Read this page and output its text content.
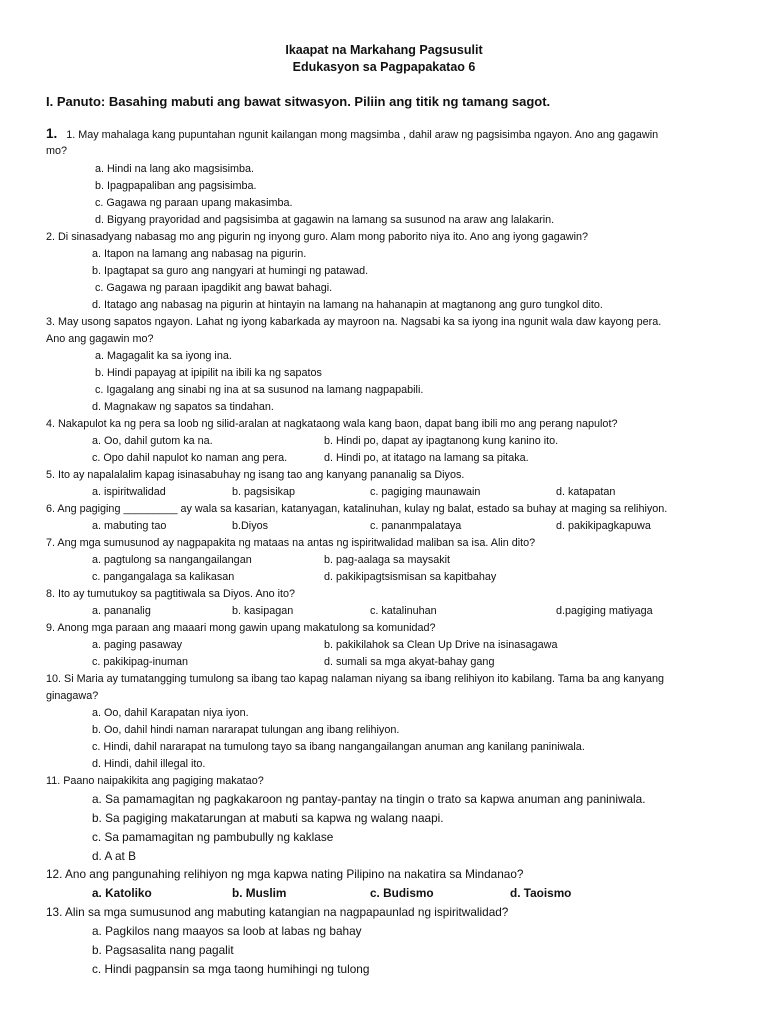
Ikaapat na Markahang Pagsusulit
Edukasyon sa Pagpapakatao 6
I. Panuto: Basahing mabuti ang bawat sitwasyon. Piliin ang titik ng tamang sagot.
1. 1. May mahalaga kang pupuntahan ngunit kailangan mong magsimba , dahil araw ng pagsisimba ngayon. Ano ang gagawin
mo?
a. Hindi na lang ako magsisimba.
b. Ipagpapaliban ang pagsisimba.
c. Gagawa ng paraan upang makasimba.
d. Bigyang prayoridad and pagsisimba at gagawin na lamang sa susunod na araw ang lalakarin.
2. Di sinasadyang nabasag mo ang pigurin ng inyong guro. Alam mong paborito niya ito. Ano ang iyong gagawin?
a. Itapon na lamang ang nabasag na pigurin.
b. Ipagtapat sa guro ang nangyari at humingi ng patawad.
c. Gagawa ng paraan ipagdikit ang bawat bahagi.
d. Itatago ang nabasag na pigurin at hintayin na lamang na hahanapin at magtanong ang guro tungkol dito.
3. May usong sapatos ngayon. Lahat ng iyong kabarkada ay mayroon na. Nagsabi ka sa iyong ina ngunit wala daw kayong pera.
Ano ang gagawin mo?
a. Magagalit ka sa iyong ina.
b. Hindi papayag at ipipilit na ibili ka ng sapatos
c. Igagalang ang sinabi ng ina at sa susunod na lamang nagpapabili.
d. Magnakaw ng sapatos sa tindahan.
4. Nakapulot ka ng pera sa loob ng silid-aralan at nagkataong wala kang baon, dapat bang ibili mo ang perang napulot?
a. Oo, dahil gutom ka na.	b. Hindi po, dapat ay ipagtanong kung kanino ito.
c. Opo dahil napulot ko naman ang pera.	d. Hindi po, at itatago na lamang sa pitaka.
5. Ito ay napalalalim kapag isinasabuhay ng isang tao ang kanyang pananalig sa Diyos.
a. ispiritwalidad	b. pagsisikap	c. pagiging maunawain	d. katapatan
6. Ang pagiging _________ ay wala sa kasarian, katanyagan, katalinuhan, kulay ng balat, estado sa buhay at maging sa relihiyon.
a. mabuting tao	b.Diyos	c. pananmpalataya	d. pakikipagkapuwa
7. Ang mga sumusunod ay nagpapakita ng mataas na antas ng ispiritwalidad maliban sa isa. Alin dito?
a. pagtulong sa nangangailangan	b. pag-aalaga sa maysakit
c. pangangalaga sa kalikasan	d. pakikipagtsismisan sa kapitbahay
8. Ito ay tumutukoy sa pagtitiwala sa Diyos. Ano ito?
a. pananalig	b. kasipagan	c. katalinuhan	d.pagiging matiyaga
9. Anong mga paraan ang maaari mong gawin upang makatulong sa komunidad?
a. paging pasaway	b. pakikilahok sa Clean Up Drive na isinasagawa
c. pakikipag-inuman	d. sumali sa mga akyat-bahay gang
10. Si Maria ay tumatangging tumulong sa ibang tao kapag nalaman niyang sa ibang relihiyon ito kabilang. Tama ba ang kanyang
ginagawa?
a. Oo, dahil Karapatan niya iyon.
b. Oo, dahil hindi naman nararapat tulungan ang ibang relihiyon.
c. Hindi, dahil nararapat na tumulong tayo sa ibang nangangailangan anuman ang kanilang paniniwala.
d. Hindi, dahil illegal ito.
11. Paano naipakikita ang pagiging makatao?
a. Sa pamamagitan ng pagkakaroon ng pantay-pantay na tingin o trato sa kapwa anuman ang paniniwala.
b. Sa pagiging makatarungan at mabuti sa kapwa ng walang naapi.
c. Sa pamamagitan ng pambubully ng kaklase
d. A at B
12. Ano ang pangunahing relihiyon ng mga kapwa nating Pilipino na nakatira sa Mindanao?
a. Katoliko	b. Muslim	c. Budismo	d. Taoismo
13. Alin sa mga sumusunod ang mabuting katangian na nagpapaunlad ng ispiritwalidad?
a. Pagkilos nang maayos sa loob at labas ng bahay
b. Pagsasalita nang pagalit
c. Hindi pagpansin sa mga taong humihingi ng tulong
